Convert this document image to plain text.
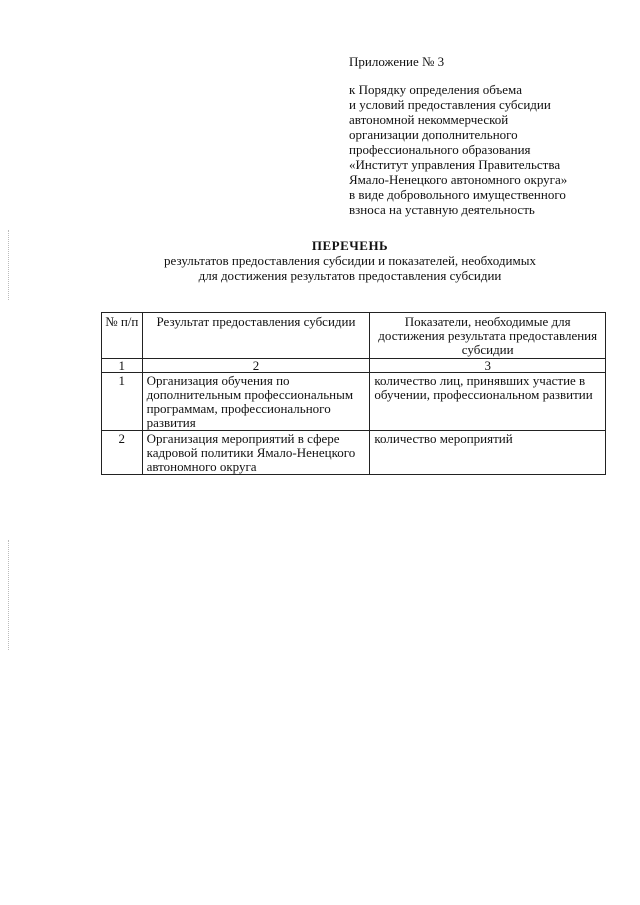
Приложение № 3
к Порядку определения объема
и условий предоставления субсидии
автономной некоммерческой
организации дополнительного
профессионального образования
«Институт управления Правительства
Ямало-Ненецкого автономного округа»
в виде добровольного имущественного
взноса на уставную деятельность
ПЕРЕЧЕНЬ
результатов предоставления субсидии и показателей, необходимых
для достижения результатов предоставления субсидии
№ п/п	Результат предоставления субсидии	Показатели, необходимые для достижения результата предоставления субсидии
1	2	3
1	Организация обучения по дополнительным профессиональным программам, профессионального развития	количество лиц, принявших участие в обучении, профессиональном развитии
2	Организация мероприятий в сфере кадровой политики Ямало-Ненецкого автономного округа	количество мероприятий
